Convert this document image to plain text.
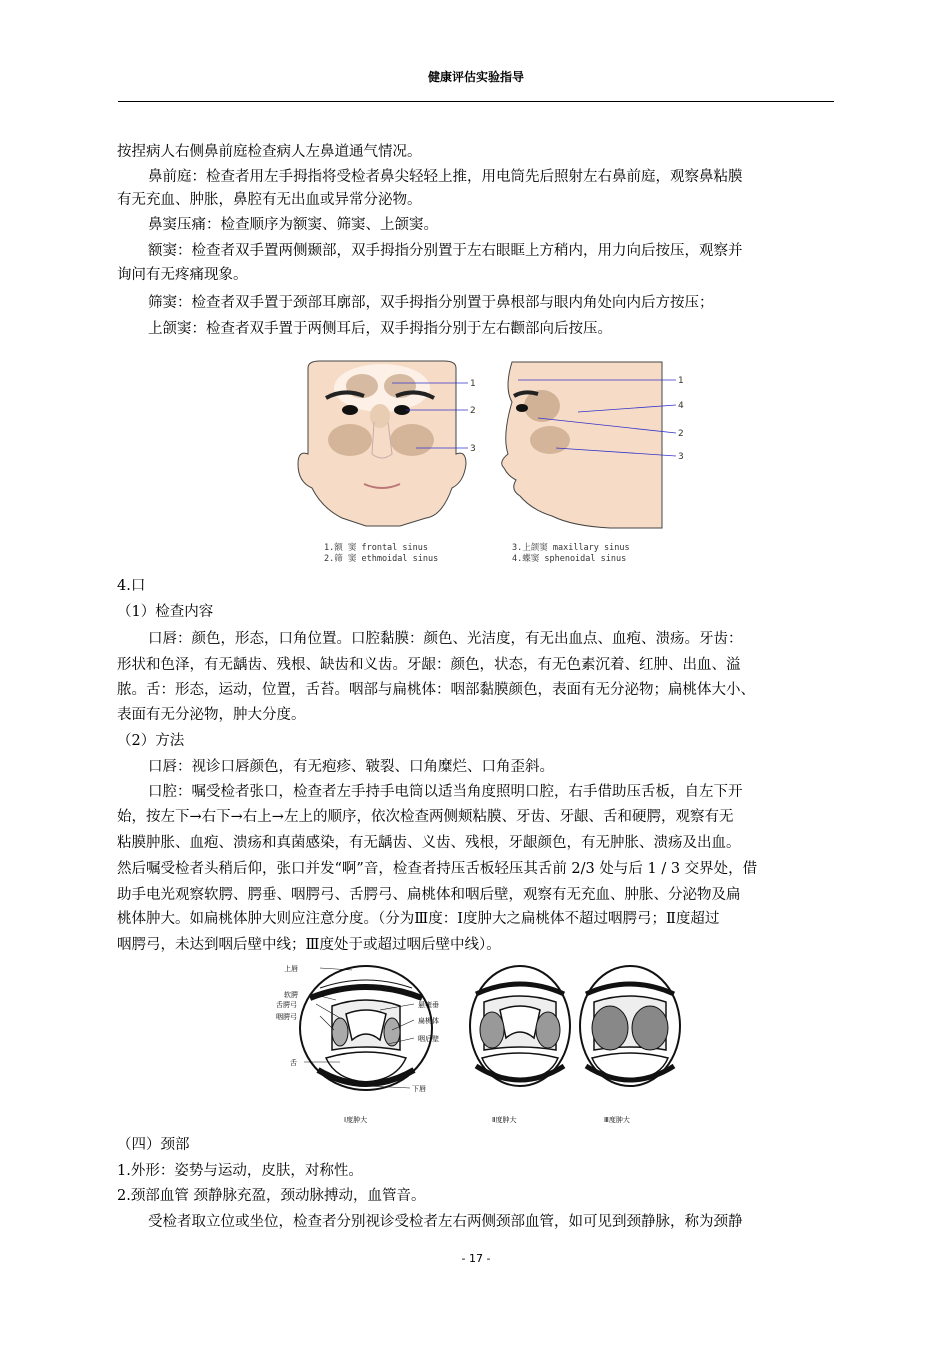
健康评估实验指导
按捏病人右侧鼻前庭检查病人左鼻道通气情况。
鼻前庭：检查者用左手拇指将受检者鼻尖轻轻上推，用电筒先后照射左右鼻前庭，观察鼻粘膜
有无充血、肿胀，鼻腔有无出血或异常分泌物。
鼻窦压痛：检查顺序为额窦、筛窦、上颌窦。
额窦：检查者双手置两侧颞部，双手拇指分别置于左右眼眶上方稍内，用力向后按压，观察并
询问有无疼痛现象。
筛窦：检查者双手置于颈部耳廓部，双手拇指分别置于鼻根部与眼内角处向内后方按压；
上颌窦：检查者双手置于两侧耳后，双手拇指分别于左右颧部向后按压。
1
2
3
1
4
2
3
1.额 窦 frontal sinus
2.筛 窦 ethmoidal sinus
3.上颌窦 maxillary sinus
4.蝶窦 sphenoidal sinus
4.口
（1）检查内容
口唇：颜色，形态，口角位置。口腔黏膜：颜色、光洁度，有无出血点、血疱、溃疡。牙齿：
形状和色泽，有无龋齿、残根、缺齿和义齿。牙龈：颜色，状态，有无色素沉着、红肿、出血、溢
脓。舌：形态，运动，位置，舌苔。咽部与扁桃体：咽部黏膜颜色，表面有无分泌物；扁桃体大小、
表面有无分泌物，肿大分度。
（2）方法
口唇：视诊口唇颜色，有无疱疹、皲裂、口角糜烂、口角歪斜。
口腔：嘱受检者张口，检查者左手持手电筒以适当角度照明口腔，右手借助压舌板，自左下开
始，按左下→右下→右上→左上的顺序，依次检查两侧颊粘膜、牙齿、牙龈、舌和硬腭，观察有无
粘膜肿胀、血疱、溃疡和真菌感染，有无龋齿、义齿、残根，牙龈颜色，有无肿胀、溃疡及出血。
然后嘱受检者头稍后仰，张口并发“啊”音，检查者持压舌板轻压其舌前 2/3 处与后 1 / 3 交界处，借
助手电光观察软腭、腭垂、咽腭弓、舌腭弓、扁桃体和咽后壁，观察有无充血、肿胀、分泌物及扁
桃体肿大。如扁桃体肿大则应注意分度。（分为Ⅲ度：Ⅰ度肿大之扁桃体不超过咽腭弓；Ⅱ度超过
咽腭弓，未达到咽后壁中线；Ⅲ度处于或超过咽后壁中线）。
上唇
软腭
舌腭弓
咽腭弓
舌
悬雍垂
扁桃体
咽后壁
下唇
Ⅰ度肿大	Ⅱ度肿大	Ⅲ度肿大
（四）颈部
1.外形：姿势与运动，皮肤，对称性。
2.颈部血管 颈静脉充盈，颈动脉搏动，血管音。
受检者取立位或坐位，检查者分别视诊受检者左右两侧颈部血管，如可见到颈静脉，称为颈静
- 17 -
